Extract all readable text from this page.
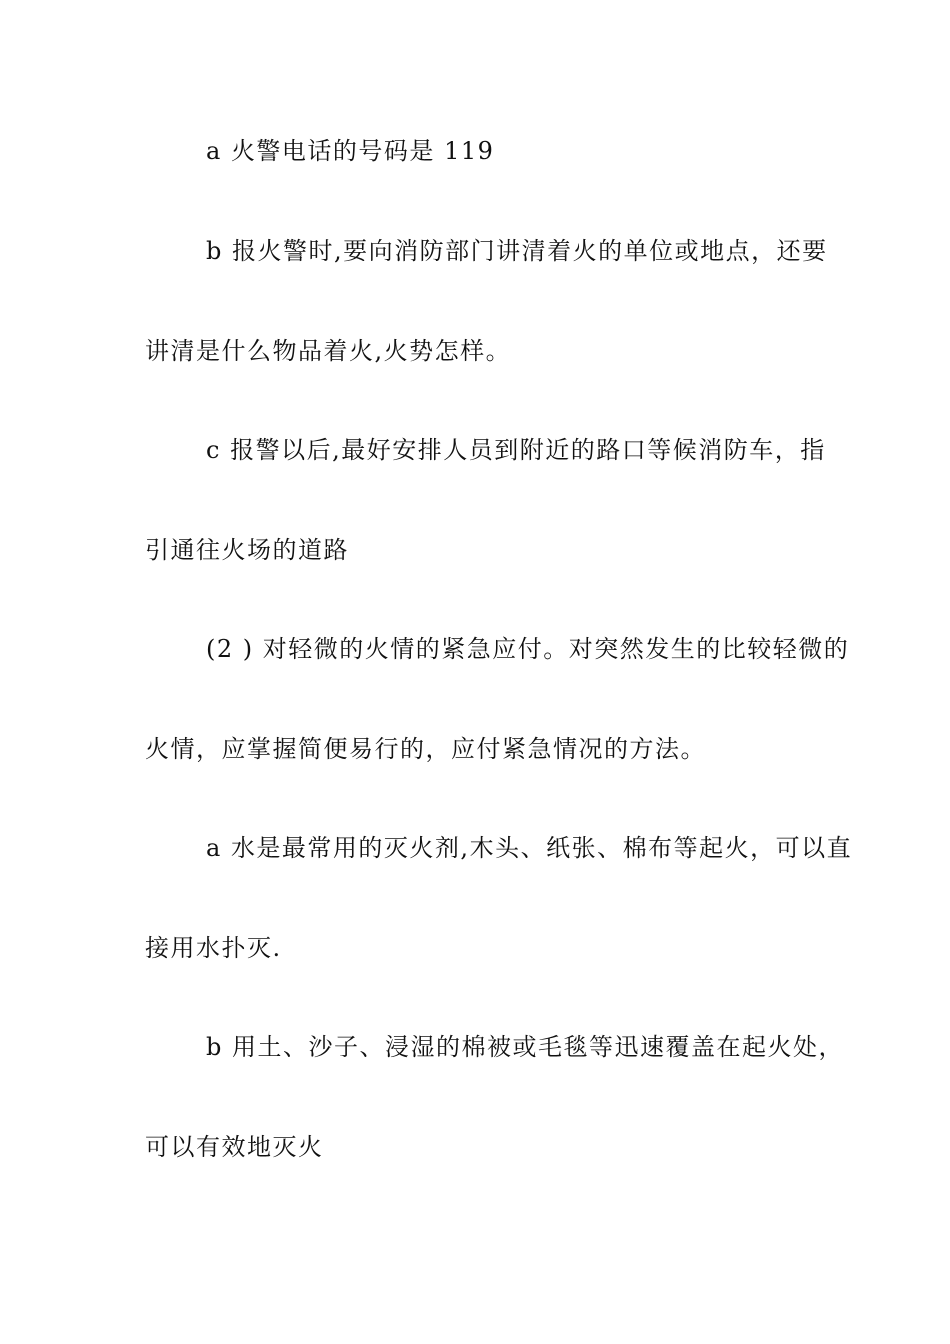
a 火警电话的号码是 119
b 报火警时,要向消防部门讲清着火的单位或地点，还要
讲清是什么物品着火,火势怎样。
c 报警以后,最好安排人员到附近的路口等候消防车，指
引通往火场的道路
(2 ) 对轻微的火情的紧急应付。对突然发生的比较轻微的
火情，应掌握简便易行的，应付紧急情况的方法。
a 水是最常用的灭火剂,木头、纸张、棉布等起火，可以直
接用水扑灭.
b 用土、沙子、浸湿的棉被或毛毯等迅速覆盖在起火处，
可以有效地灭火
